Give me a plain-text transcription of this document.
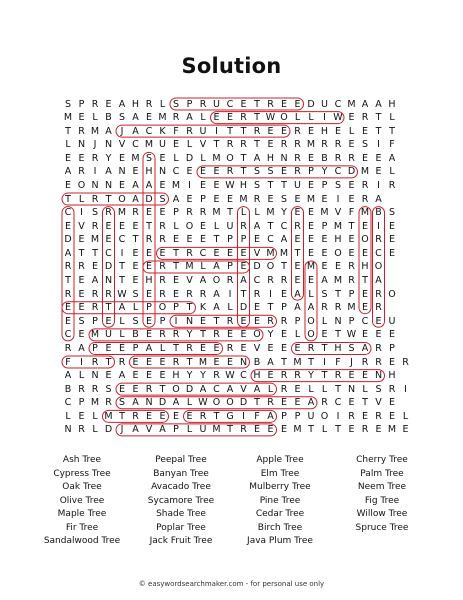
Solution
S P R E A H R L S P R U C E T R E E D U C M A A H
M E L B S A E M R A L E E R T W O L L I W E R T L
T R M A J A C K F R U I T T R E E R E H E L E T T
L N J N V C M U E L V T R R T E R R M R R E S I F
E E R Y E M S E L D L M O T A H N R E B R R E E A
A R I A N E H N C E E E R T S S E R P Y C D M E L
E O N N E A A E M I E E W H S T T U E P S E R I R
T L R T O A D S A E P E E M R E S E M E I E R A
C I S R M R E E P R R M T L L M Y E E M V F M B S
E V R E E E T R L O E L U R A T C R E P M T E I E
D E M E C T R R E E E T P P E C A E E E H E O R E
A T T C I E E E T R C E E E V M M T E E O E E C E
R R E D T E E R T M L A P E D O T E M E E R H O
T E A N T E H R E V A O R A C R R E E A M R T A
R E R R W S E R E R R A I T R I E A L S T P E R O
E E R T A L P O P T K A L D E T P A A R R M E R
E S P E L S E P I N E T R E E R R P O L N P C E U
C E M U L B E R R Y T R E E O Y E L O E T W E E E
R A P E E P A L T R E E R E V E E E R T H S A R P
F I R T R E E E R T M E E N B A T M T I F J R R E R
A L N E A E E E H Y Y R W C H E R R Y T R E E N H
B R R S E E R T O D A C A V A L R E L L T N L S R I
C P M R S A N D A L W O O D T R E E A R C E T V E
L E L M T R E E E E R T G I F A P P U O I R E R E L
N R L D J A V A P L U M T R E E E M T L T E R E M E
Ash Tree
Cypress Tree
Oak Tree
Olive Tree
Maple Tree
Fir Tree
Sandalwood Tree
Peepal Tree
Banyan Tree
Avacado Tree
Sycamore Tree
Shade Tree
Poplar Tree
Jack Fruit Tree
Apple Tree
Elm Tree
Mulberry Tree
Pine Tree
Cedar Tree
Birch Tree
Java Plum Tree
Cherry Tree
Palm Tree
Neem Tree
Fig Tree
Willow Tree
Spruce Tree
© easywordsearchmaker.com - for personal use only
